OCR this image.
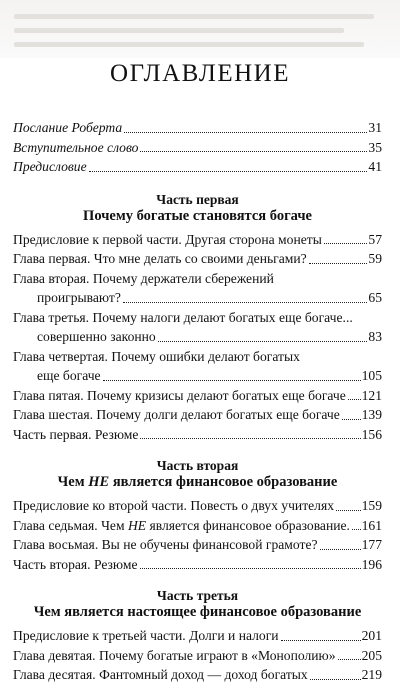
ОГЛАВЛЕНИЕ
Послание Роберта	31
Вступительное слово	35
Предисловие	41
Часть первая
Почему богатые становятся богаче
Предисловие к первой части. Другая сторона монеты	57
Глава первая. Что мне делать со своими деньгами?	59
Глава вторая. Почему держатели сбережений
проигрывают?	65
Глава третья. Почему налоги делают богатых еще богаче...
совершенно законно	83
Глава четвертая. Почему ошибки делают богатых
еще богаче	105
Глава пятая. Почему кризисы делают богатых еще богаче 121
Глава шестая. Почему долги делают богатых еще богаче 139
Часть первая. Резюме	156
Часть вторая
Чем НЕ является финансовое образование
Предисловие ко второй части. Повесть о двух учителях 159
Глава седьмая. Чем НЕ является финансовое образование. 161
Глава восьмая. Вы не обучены финансовой грамоте?	177
Часть вторая. Резюме	196
Часть третья
Чем является настоящее финансовое образование
Предисловие к третьей части. Долги и налоги	201
Глава девятая. Почему богатые играют в «Монополию» 205
Глава десятая. Фантомный доход — доход богатых	219
